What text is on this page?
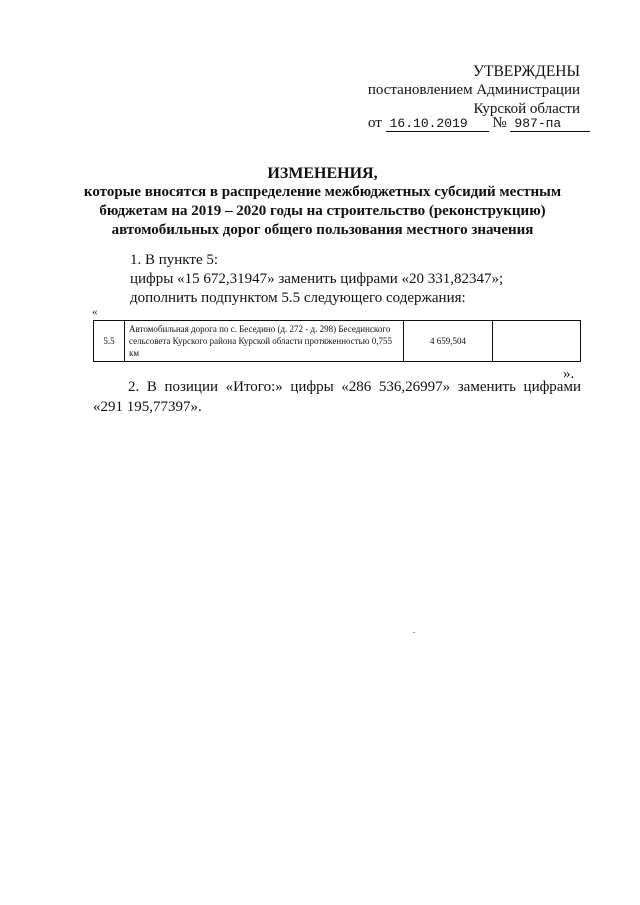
УТВЕРЖДЕНЫ
постановлением Администрации
Курской области
от 16.10.2019 № 987-па
ИЗМЕНЕНИЯ,
которые вносятся в распределение межбюджетных субсидий местным бюджетам на 2019 – 2020 годы на строительство (реконструкцию) автомобильных дорог общего пользования местного значения
1. В пункте 5:
цифры «15 672,31947» заменить цифрами «20 331,82347»;
дополнить подпунктом 5.5 следующего содержания:
«
5.5	Автомобильная дорога по с. Беседино (д. 272 - д. 298) Бесединского сельсовета Курского района Курской области протяженностью 0,755 км	4 659,504	
».
2. В позиции «Итого:» цифры «286 536,26997» заменить цифрами
«291 195,77397».
